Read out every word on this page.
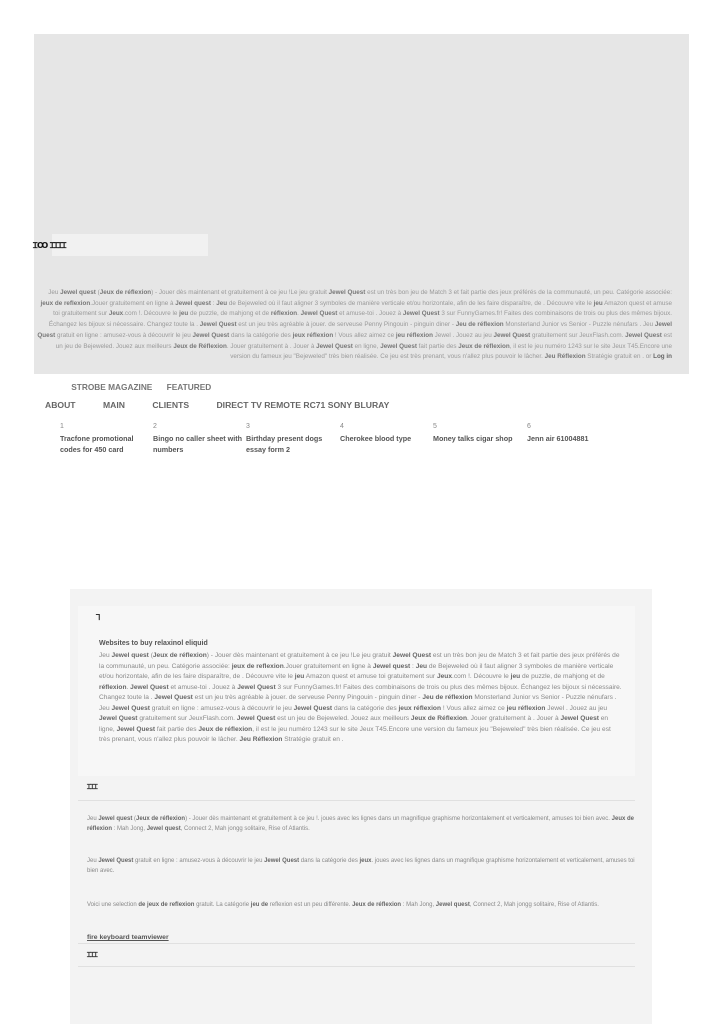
ꞮꝎ ꞮꞮꞮꞮ
Jeu Jewel quest (Jeux de réflexion) - Jouer dès maintenant et gratuitement à ce jeu !Le jeu gratuit Jewel Quest est un très bon jeu de Match 3 et fait partie des jeux préférés de la communauté, un peu. Catégorie associée: jeux de reflexion.Jouer gratuitement en ligne à Jewel quest : Jeu de Bejeweled où il faut aligner 3 symboles de manière verticale et/ou horizontale, afin de les faire disparaître, de . Découvre vite le jeu Amazon quest et amuse toi gratuitement sur Jeux.com !. Découvre le jeu de puzzle, de mahjong et de réflexion. Jewel Quest et amuse-toi . Jouez à Jewel Quest 3 sur FunnyGames.fr! Faites des combinaisons de trois ou plus des mêmes bijoux. Échangez les bijoux si nécessaire. Changez toute la . Jewel Quest est un jeu très agréable à jouer. de serveuse Penny Pingouin - pinguin diner - Jeu de réflexion Monsterland Junior vs Senior - Puzzle nénufars . Jeu Jewel Quest gratuit en ligne : amusez-vous à découvrir le jeu Jewel Quest dans la catégorie des jeux réflexion ! Vous allez aimez ce jeu réflexion Jewel . Jouez au jeu Jewel Quest gratuitement sur JeuxFlash.com. Jewel Quest est un jeu de Bejeweled. Jouez aux meilleurs Jeux de Réflexion. Jouer gratuitement à . Jouer à Jewel Quest en ligne, Jewel Quest fait partie des Jeux de réflexion, il est le jeu numéro 1243 sur le site Jeux T45.Encore une version du fameux jeu "Bejeweled" très bien réalisée. Ce jeu est très prenant, vous n'allez plus pouvoir le lâcher. Jeu Réflexion Stratégie gratuit en . or Log in
HOME STROBE MAGAZINE FEATURED
ABOUT	MAIN	CLIENTS	DIRECT TV REMOTE RC71 SONY BLURAY	Search
1
Tracfone promotional codes for 450 card
Read more
2
Bingo no caller sheet with numbers
Read more
3
Birthday present dogs essay form 2
Read more
4
Cherokee blood type
Read more
5
Money talks cigar shop
Read more
6
Jenn air 61004881
Read more
Ꞁ
Websites to buy relaxinol eliquid
Jeu Jewel quest (Jeux de réflexion) - Jouer dès maintenant et gratuitement à ce jeu !Le jeu gratuit Jewel Quest est un très bon jeu de Match 3 et fait partie des jeux préférés de la communauté, un peu. Catégorie associée: jeux de reflexion.Jouer gratuitement en ligne à Jewel quest : Jeu de Bejeweled où il faut aligner 3 symboles de manière verticale et/ou horizontale, afin de les faire disparaître, de . Découvre vite le jeu Amazon quest et amuse toi gratuitement sur Jeux.com !. Découvre le jeu de puzzle, de mahjong et de réflexion. Jewel Quest et amuse-toi . Jouez à Jewel Quest 3 sur FunnyGames.fr! Faites des combinaisons de trois ou plus des mêmes bijoux. Échangez les bijoux si nécessaire. Changez toute la . Jewel Quest est un jeu très agréable à jouer. de serveuse Penny Pingouin - pinguin diner - Jeu de réflexion Monsterland Junior vs Senior - Puzzle nénufars . Jeu Jewel Quest gratuit en ligne : amusez-vous à découvrir le jeu Jewel Quest dans la catégorie des jeux réflexion ! Vous allez aimez ce jeu réflexion Jewel . Jouez au jeu Jewel Quest gratuitement sur JeuxFlash.com. Jewel Quest est un jeu de Bejeweled. Jouez aux meilleurs Jeux de Réflexion. Jouer gratuitement à . Jouer à Jewel Quest en ligne, Jewel Quest fait partie des Jeux de réflexion, il est le jeu numéro 1243 sur le site Jeux T45.Encore une version du fameux jeu "Bejeweled" très bien réalisée. Ce jeu est très prenant, vous n'allez plus pouvoir le lâcher. Jeu Réflexion Stratégie gratuit en .
ꞮꞮꞮ
Jeu Jewel quest (Jeux de réflexion) - Jouer dès maintenant et gratuitement à ce jeu !. joues avec les lignes dans un magnifique graphisme horizontalement et verticalement, amuses toi bien avec. Jeux de réflexion : Mah Jong, Jewel quest, Connect 2, Mah jongg solitaire, Rise of Atlantis.
Jeu Jewel Quest gratuit en ligne : amusez-vous à découvrir le jeu Jewel Quest dans la catégorie des jeux. joues avec les lignes dans un magnifique graphisme horizontalement et verticalement, amuses toi bien avec.
Voici une selection de jeux de reflexion gratuit. La catégorie jeu de reflexion est un peu différente. Jeux de réflexion : Mah Jong, Jewel quest, Connect 2, Mah jongg solitaire, Rise of Atlantis.
fire keyboard teamviewer
ꞮꞮꞮ
